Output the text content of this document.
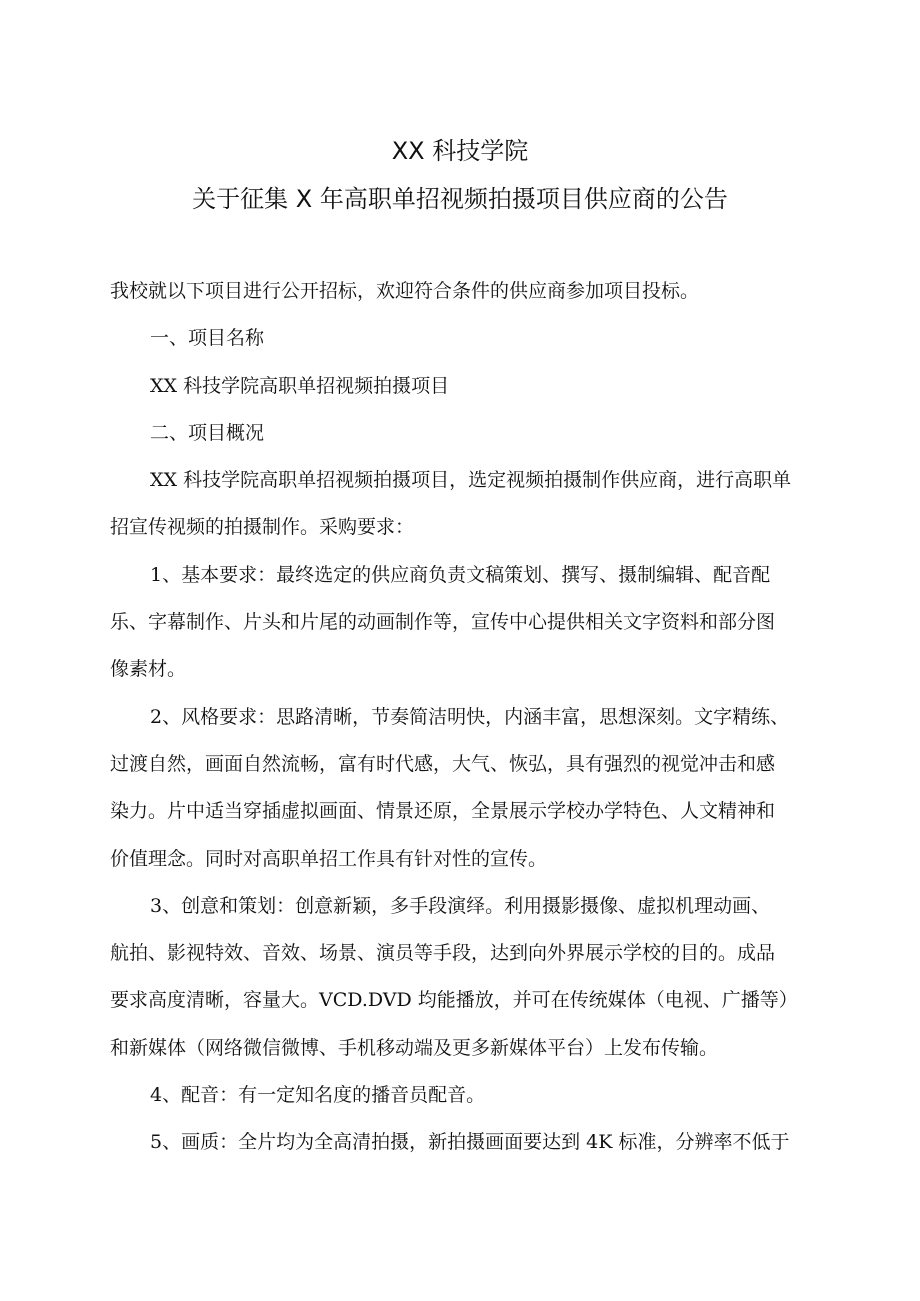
XX 科技学院
关于征集 X 年高职单招视频拍摄项目供应商的公告

我校就以下项目进行公开招标，欢迎符合条件的供应商参加项目投标。

一、项目名称

XX 科技学院高职单招视频拍摄项目

二、项目概况

XX 科技学院高职单招视频拍摄项目，选定视频拍摄制作供应商，进行高职单

招宣传视频的拍摄制作。采购要求：

1、基本要求：最终选定的供应商负责文稿策划、撰写、摄制编辑、配音配

乐、字幕制作、片头和片尾的动画制作等，宣传中心提供相关文字资料和部分图

像素材。

2、风格要求：思路清晰，节奏简洁明快，内涵丰富，思想深刻。文字精练、

过渡自然，画面自然流畅，富有时代感，大气、恢弘，具有强烈的视觉冲击和感

染力。片中适当穿插虚拟画面、情景还原，全景展示学校办学特色、人文精神和

价值理念。同时对高职单招工作具有针对性的宣传。

3、创意和策划：创意新颖，多手段演绎。利用摄影摄像、虚拟机理动画、

航拍、影视特效、音效、场景、演员等手段，达到向外界展示学校的目的。成品

要求高度清晰，容量大。VCD.DVD 均能播放，并可在传统媒体（电视、广播等）

和新媒体（网络微信微博、手机移动端及更多新媒体平台）上发布传输。

4、配音：有一定知名度的播音员配音。

5、画质：全片均为全高清拍摄，新拍摄画面要达到 4K 标准，分辨率不低于
